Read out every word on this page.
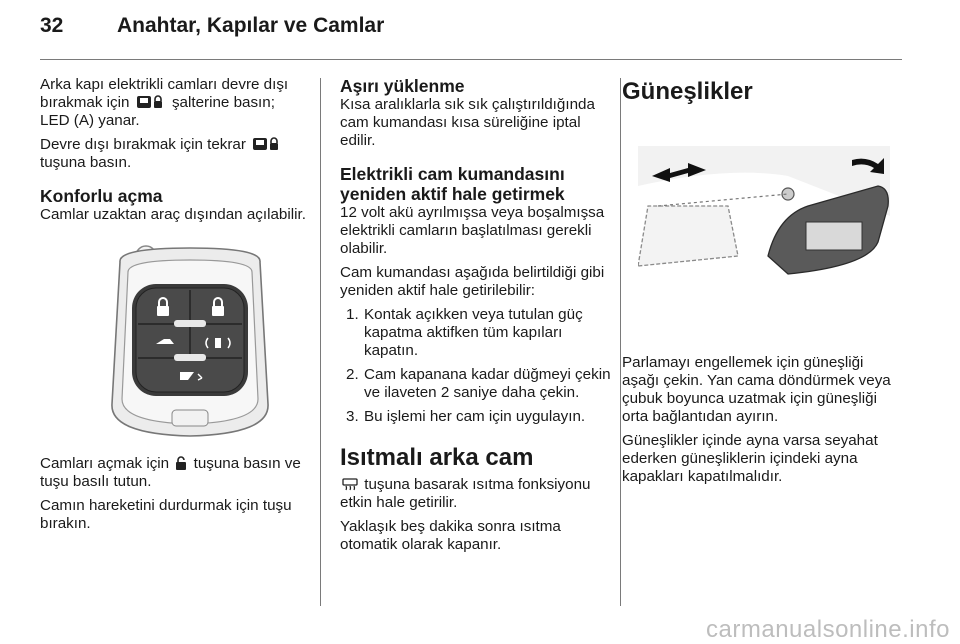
32	Anahtar, Kapılar ve Camlar

Arka kapı elektrikli camları devre dışı bırakmak için	şalterine basın; LED (A) yanar.

Devre dışı bırakmak için tekrar  tuşuna basın.

Konforlu açma

Camlar uzaktan araç dışından açılabilir.

Camları açmak için tuşuna basın ve tuşu basılı tutun.

Camın hareketini durdurmak için tuşu bırakın.

Aşırı yüklenme

Kısa aralıklarla sık sık çalıştırıldığında cam kumandası kısa süreliğine iptal edilir.

Elektrikli cam kumandasını yeniden aktif hale getirmek

12 volt akü ayrılmışsa veya boşalmışsa elektrikli camların başlatılması gerekli olabilir.

Cam kumandası aşağıda belirtildiği gibi yeniden aktif hale getirilebilir:

1. Kontak açıkken veya tutulan güç kapatma aktifken tüm kapıları kapatın.
2. Cam kapanana kadar düğmeyi çekin ve ilaveten 2 saniye daha çekin.
3. Bu işlemi her cam için uygulayın.
Isıtmalı arka cam

tuşuna basarak ısıtma fonksiyonu etkin hale getirilir.

Yaklaşık beş dakika sonra ısıtma otomatik olarak kapanır.

Güneşlikler

Parlamayı engellemek için güneşliği aşağı çekin. Yan cama döndürmek veya çubuk boyunca uzatmak için güneşliği orta bağlantıdan ayırın.

Güneşlikler içinde ayna varsa seyahat ederken güneşliklerin içindeki ayna kapakları kapatılmalıdır.

carmanualsonline.info
